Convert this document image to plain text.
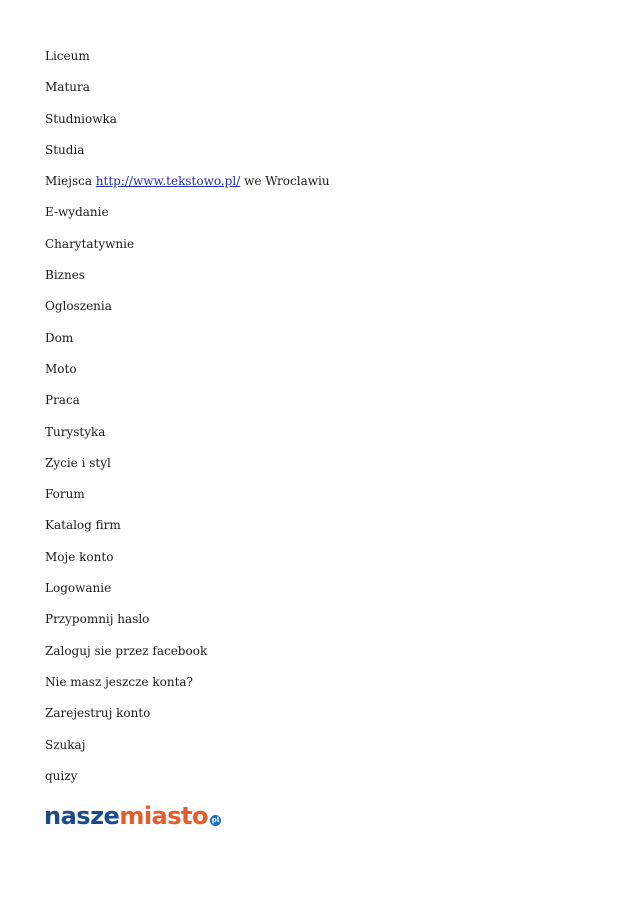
Liceum
Matura
Studniowka
Studia
Miejsca http://www.tekstowo.pl/ we Wroclawiu
E-wydanie
Charytatywnie
Biznes
Ogloszenia
Dom
Moto
Praca
Turystyka
Zycie i styl
Forum
Katalog firm
Moje konto
Logowanie
Przypomnij haslo
Zaloguj sie przez facebook
Nie masz jeszcze konta?
Zarejestruj konto
Szukaj
quizy
naszemiasto pl
